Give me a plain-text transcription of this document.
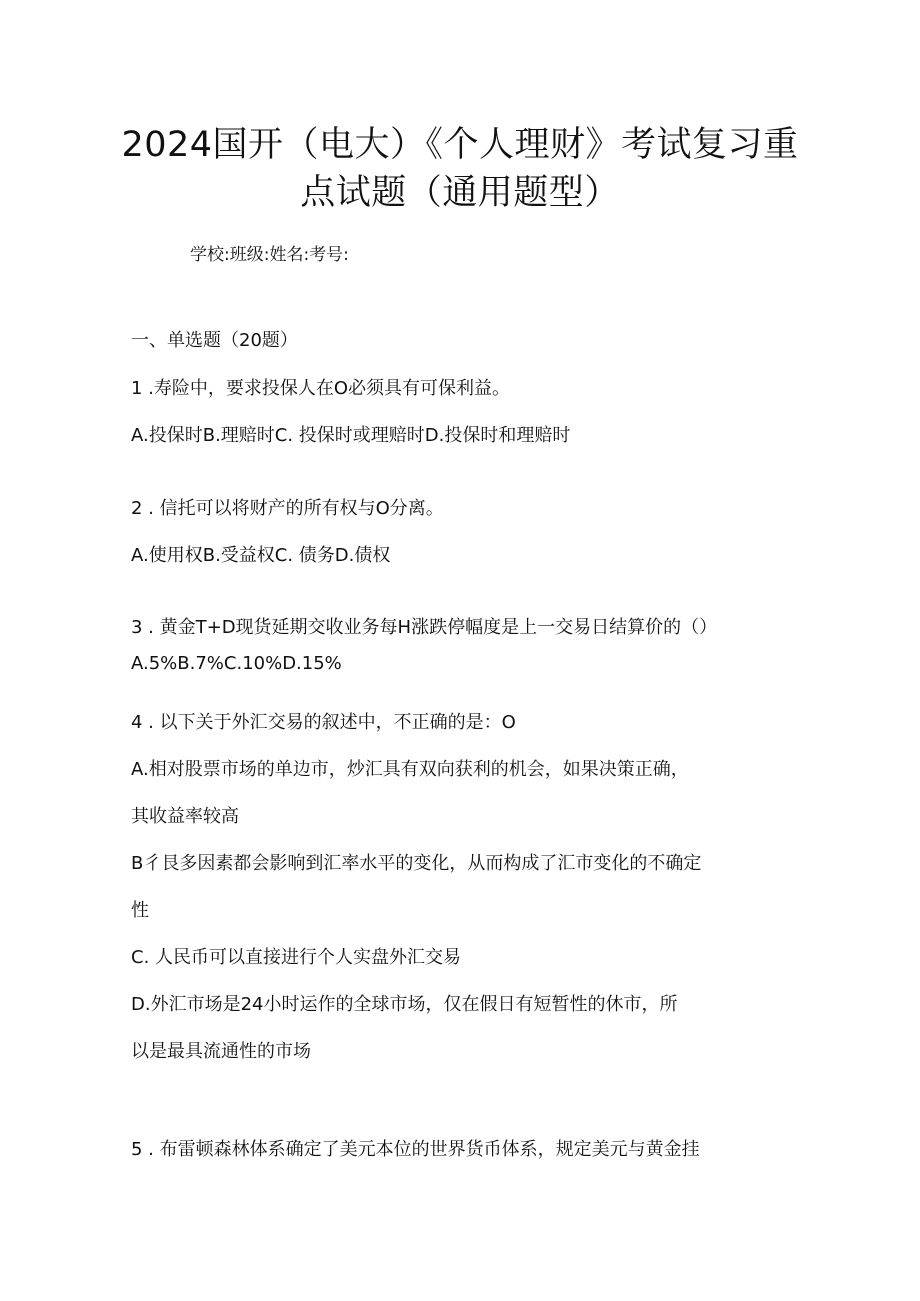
2024国开（电大）《个人理财》考试复习重
点试题（通用题型）
学校:班级:姓名:考号:
一、单选题（20题）
1 .寿险中，要求投保人在O必须具有可保利益。
A.投保时B.理赔时C. 投保时或理赔时D.投保时和理赔时
2 . 信托可以将财产的所有权与O分离。
A.使用权B.受益权C. 债务D.债权
3 . 黄金T+D现货延期交收业务每H涨跌停幅度是上一交易日结算价的（）
A.5%B.7%C.10%D.15%
4 . 以下关于外汇交易的叙述中，不正确的是：O
A.相对股票市场的单边市，炒汇具有双向获利的机会，如果决策正确，
其收益率较高
B彳艮多因素都会影响到汇率水平的变化，从而构成了汇市变化的不确定
性
C. 人民币可以直接进行个人实盘外汇交易
D.外汇市场是24小时运作的全球市场，仅在假日有短暂性的休市，所
以是最具流通性的市场
5 . 布雷顿森林体系确定了美元本位的世界货币体系，规定美元与黄金挂
